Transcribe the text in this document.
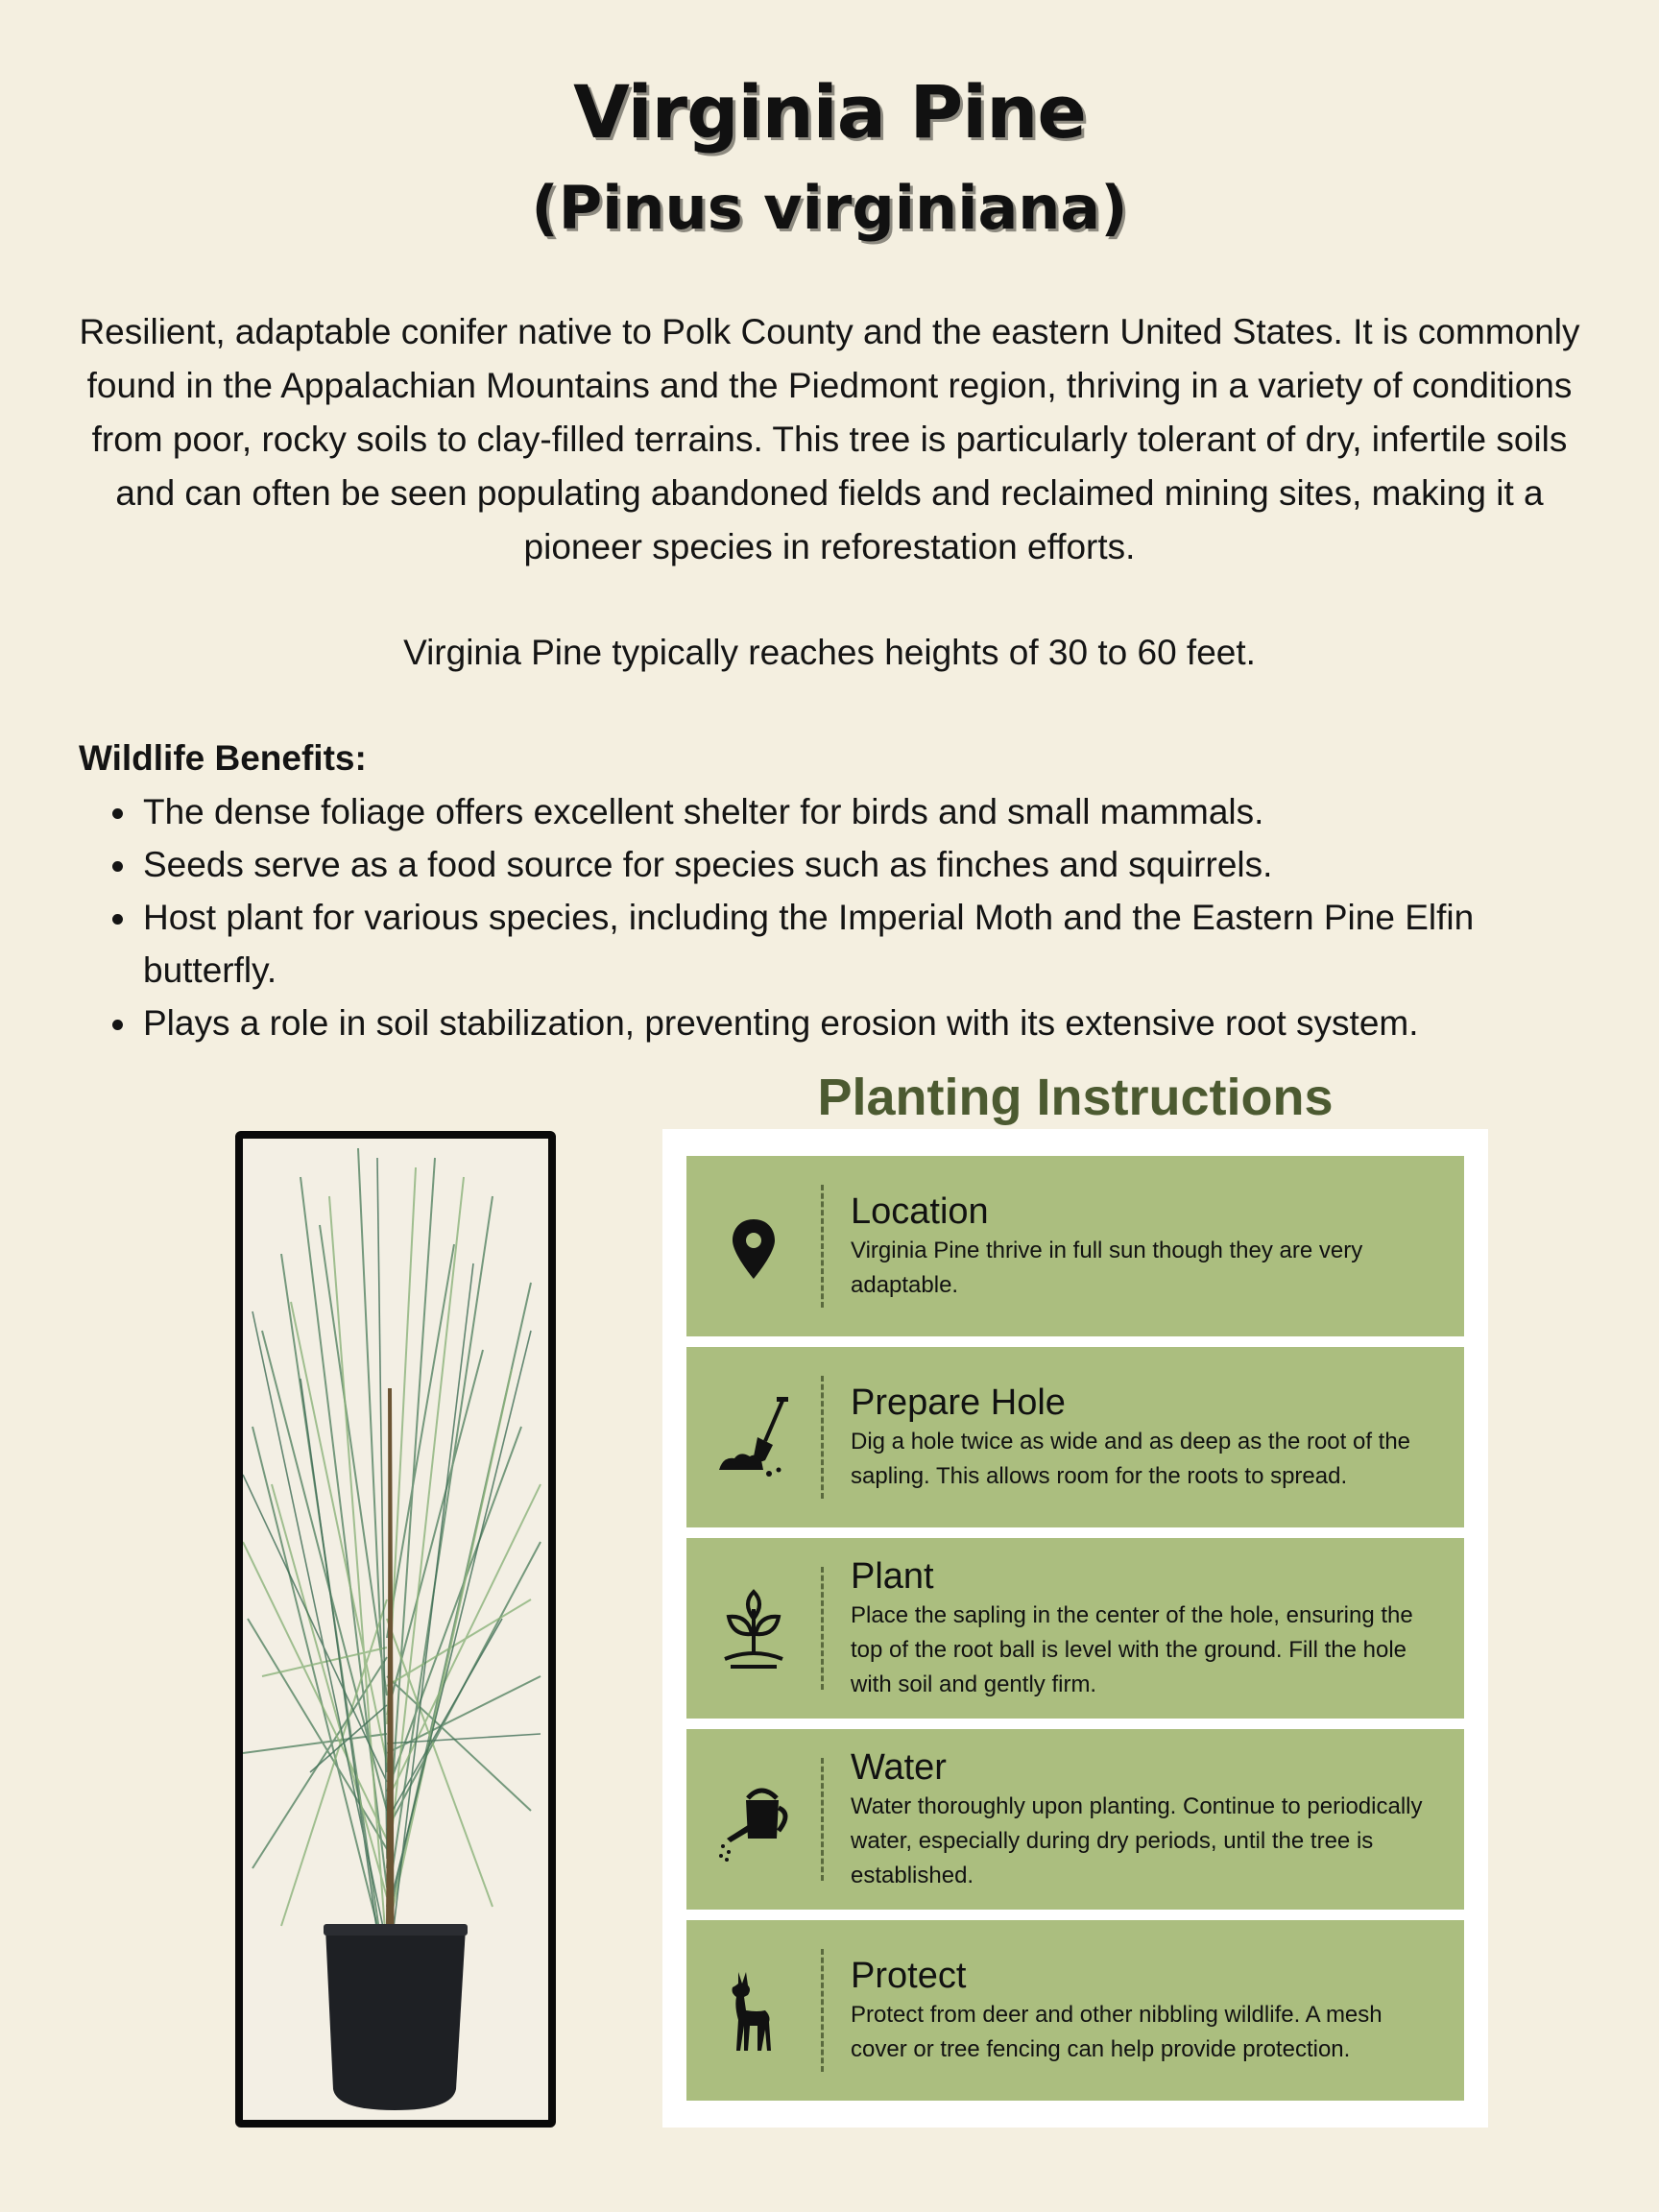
Virginia Pine
(Pinus virginiana)

Resilient, adaptable conifer native to Polk County and the eastern United States. It is commonly found in the Appalachian Mountains and the Piedmont region, thriving in a variety of conditions from poor, rocky soils to clay-filled terrains. This tree is particularly tolerant of dry, infertile soils and can often be seen populating abandoned fields and reclaimed mining sites, making it a pioneer species in reforestation efforts.

Virginia Pine typically reaches heights of 30 to 60 feet.

Wildlife Benefits:
The dense foliage offers excellent shelter for birds and small mammals.
Seeds serve as a food source for species such as finches and squirrels.
Host plant for various species, including the Imperial Moth and the Eastern Pine Elfin butterfly.
Plays a role in soil stabilization, preventing erosion with its extensive root system.
Planting Instructions
Location
Virginia Pine thrive in full sun though they are very adaptable.
Prepare Hole
Dig a hole twice as wide and as deep as the root of the sapling. This allows room for the roots to spread.
Plant
Place the sapling in the center of the hole, ensuring the top of the root ball is level with the ground. Fill the hole with soil and gently firm.
Water
Water thoroughly upon planting. Continue to periodically water, especially during dry periods, until the tree is established.
Protect
Protect from deer and other nibbling wildlife. A mesh cover or tree fencing can help provide protection.
